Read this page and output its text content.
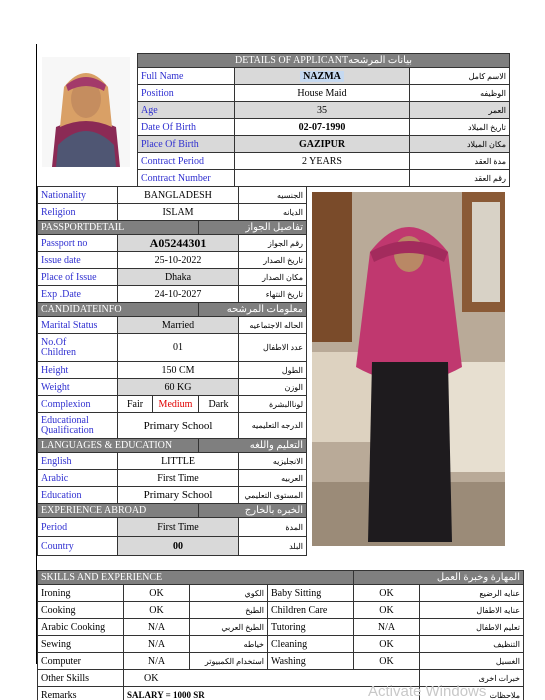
DETAILS OF APPLICANTبيانات المرشحه		
Full Name	NAZMA	الاسم كامل
Position	House Maid	الوظيفه
Age	35	العمر
Date Of Birth	02-07-1990	تاريخ الميلاد
Place Of Birth	GAZIPUR	مكان الميلاد
Contract Period	2 YEARS	مدة العقد
Contract Number		رقم العقد
Nationality	BANGLADESH			الجنسيه
Religion	ISLAM			الديانه
PASSPORTDETAIL			تفاصيل الجواز	
Passport no	A05244301			رقم الجواز
Issue date	25-10-2022			تاريخ الصدار
Place of Issue	Dhaka			مكان الصدار
Exp .Date	24-10-2027			تاريخ النتهاء
CANDIDATEINFO			معلومات المرشحه	
Marital Status	Married			الحاله الاجتماعيه
No.Of
Children	01			عدد الاطفال
Height	150 CM			الطول
Weight	60 KG			الوزن
Complexion	Fair	Medium	Dark	لوناالبشرة
Educational
Qualification	Primary School			الدرجه التعليميه
LANGUAGES & EDUCATION			التعليم واللغه	
English	LITTLE			الانجليزيه
Arabic	First Time			العربيه
Education	Primary School			المستوى التعليمي
EXPERIENCE ABROAD			الخبره بالخارج	
Period	First Time			المدة
Country	00			البلد
SKILLS AND EXPERIENCE				المهارة وخبرة العمل	
Ironing	OK	الكوي	Baby Sitting	OK	عنايه الرضيع
Cooking	OK	الطبخ	Children Care	OK	عنايه الاطفال
Arabic Cooking	N/A	الطبخ العربي	Tutoring	N/A	تعليم الاطفال
Sewing	N/A	خياطه	Cleaning	OK	التنظيف
Computer	N/A	استخدام الكمبيوتر	Washing	OK	الغسيل
Other Skills	OK				خبرات اخرى
Remarks	SALARY = 1000 SR				ملاحظات
Activate Windows
